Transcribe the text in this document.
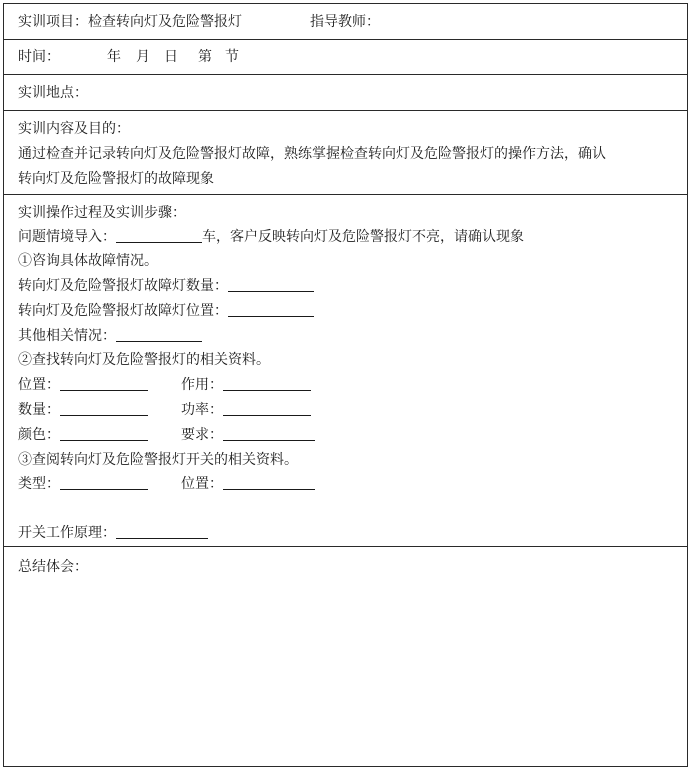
实训项目：检查转向灯及危险警报灯	指导教师：
时间：	年 月 日 第 节
实训地点：
实训内容及目的：
通过检查并记录转向灯及危险警报灯故障，熟练掌握检查转向灯及危险警报灯的操作方法，确认
转向灯及危险警报灯的故障现象
实训操作过程及实训步骤：
问题情境导入：	车，客户反映转向灯及危险警报灯不亮，请确认现象
①咨询具体故障情况。
转向灯及危险警报灯故障灯数量：
转向灯及危险警报灯故障灯位置：
其他相关情况：
②查找转向灯及危险警报灯的相关资料。
位置：	作用：
数量：	功率：
颜色：	要求：
③查阅转向灯及危险警报灯开关的相关资料。
类型：	位置：
开关工作原理：
总结体会：
